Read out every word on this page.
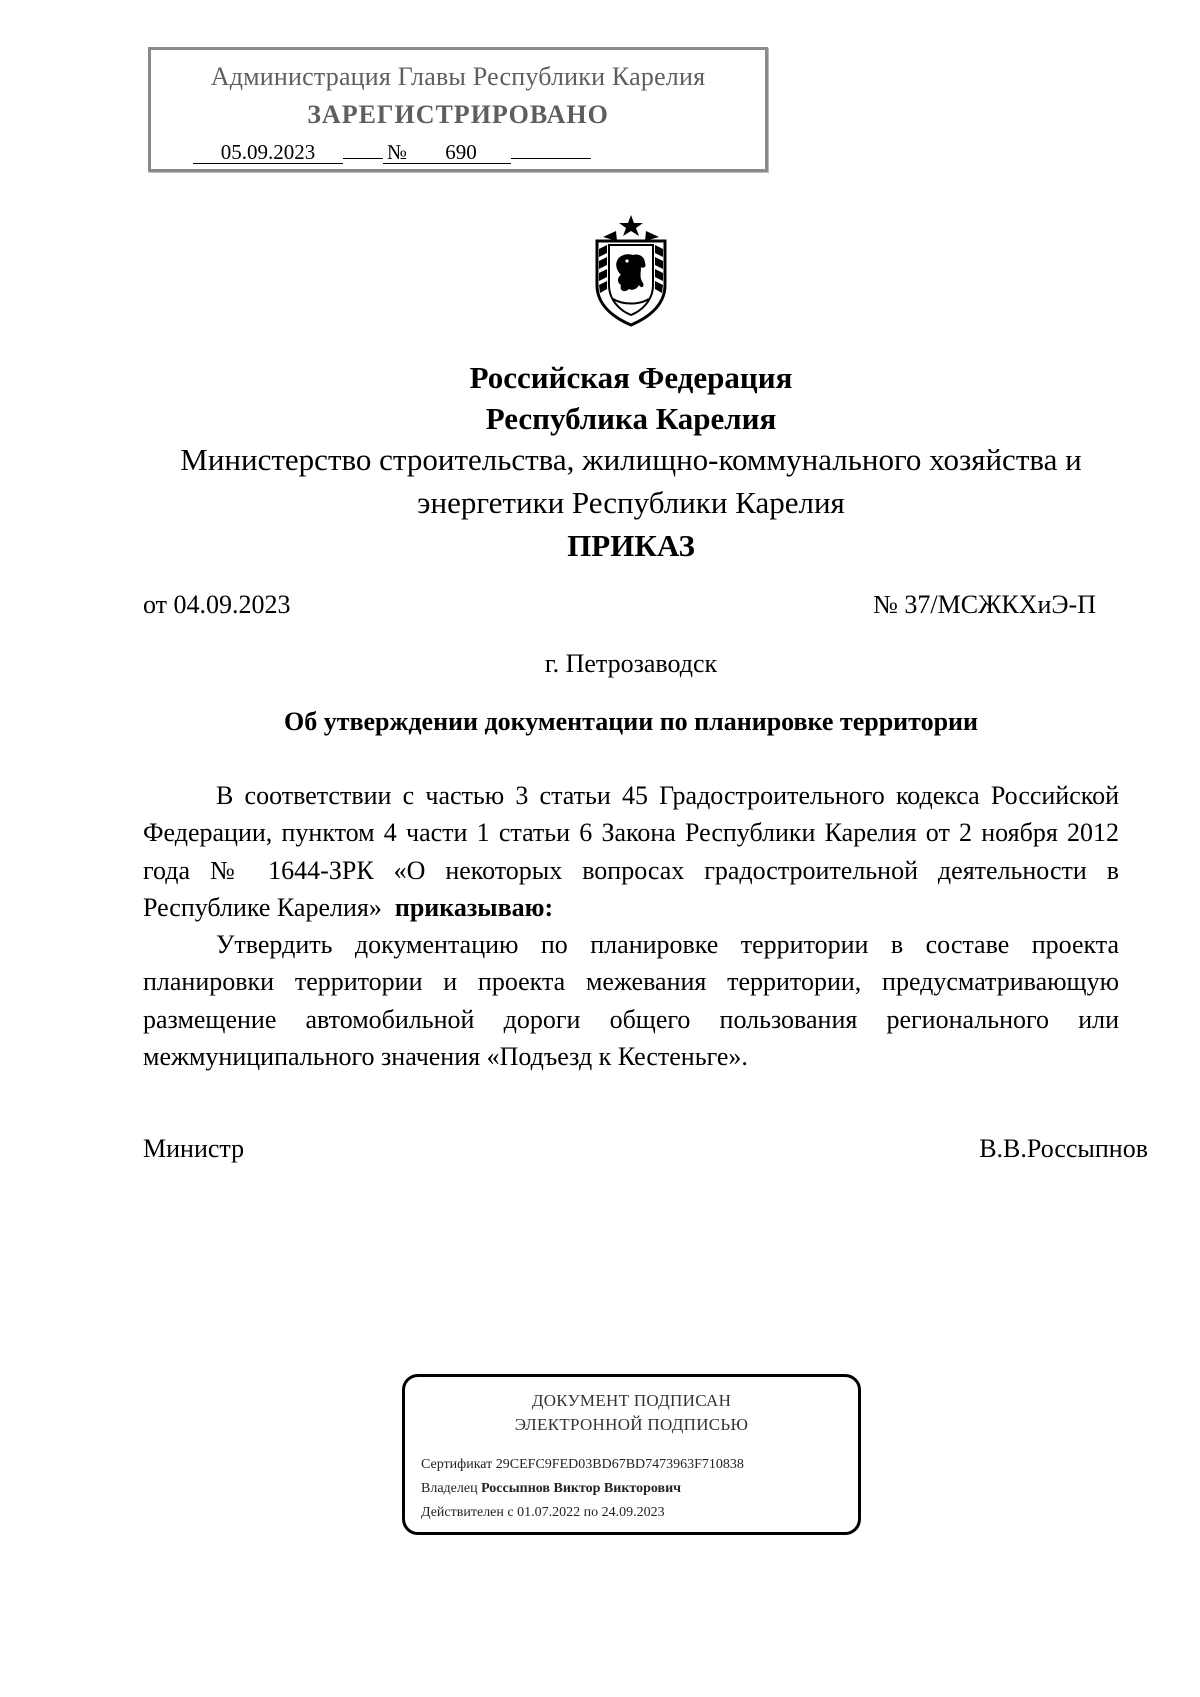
Администрация Главы Республики Карелия
ЗАРЕГИСТРИРОВАНО
05.09.2023	№ 690
Российская Федерация
Республика Карелия
Министерство строительства, жилищно-коммунального хозяйства и
энергетики Республики Карелия
ПРИКАЗ
от 04.09.2023	№ 37/МСЖКХиЭ-П
г. Петрозаводск
Об утверждении документации по планировке территории

В соответствии с частью 3 статьи 45 Градостроительного кодекса Российской Федерации, пунктом 4 части 1 статьи 6 Закона Республики Карелия от 2 ноября 2012 года № 1644-ЗРК «О некоторых вопросах градостроительной деятельности в Республике Карелия» приказываю:

Утвердить документацию по планировке территории в составе проекта планировки территории и проекта межевания территории, предусматривающую размещение автомобильной дороги общего пользования регионального или межмуниципального значения «Подъезд к Кестеньге».

Министр	В.В.Россыпнов
ДОКУМЕНТ ПОДПИСАН
ЭЛЕКТРОННОЙ ПОДПИСЬЮ
Сертификат 29CEFC9FED03BD67BD7473963F710838
Владелец Россыпнов Виктор Викторович
Действителен с 01.07.2022 по 24.09.2023
